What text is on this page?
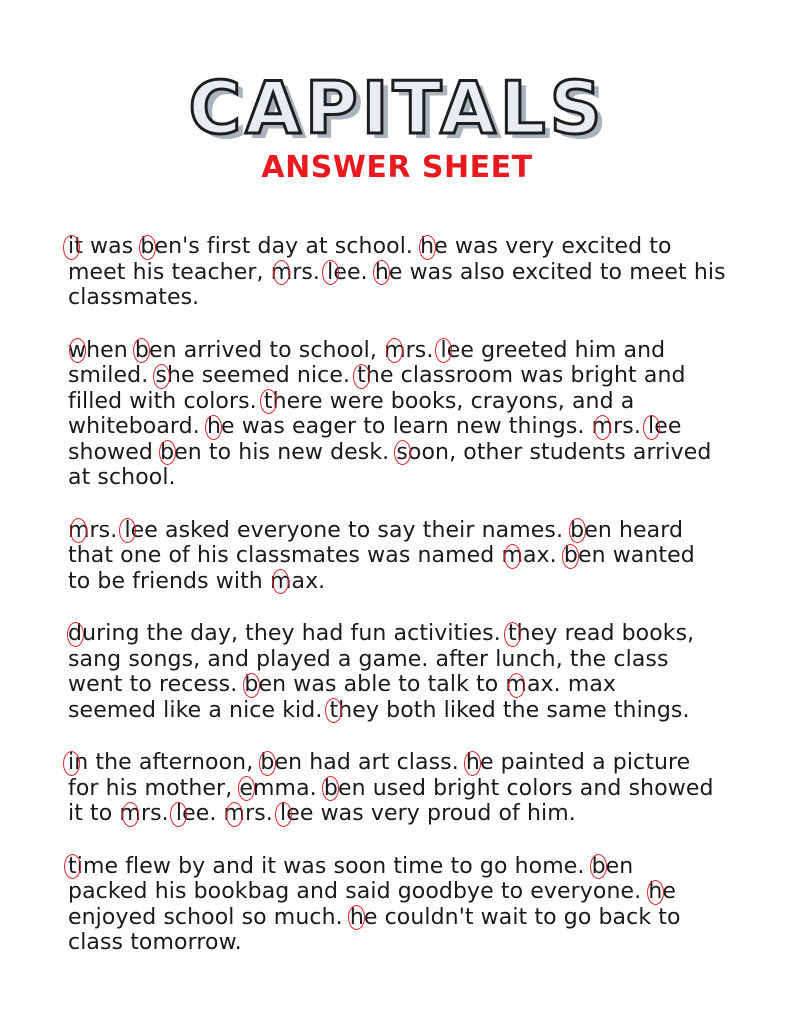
CAPITALS
ANSWER SHEET
it was ben's first day at school. he was very excited to
meet his teacher, mrs. lee. he was also excited to meet his
classmates.
when ben arrived to school, mrs. lee greeted him and
smiled. she seemed nice. the classroom was bright and
filled with colors. there were books, crayons, and a
whiteboard. he was eager to learn new things. mrs. lee
showed ben to his new desk. soon, other students arrived
at school.
mrs. lee asked everyone to say their names. ben heard
that one of his classmates was named max. ben wanted
to be friends with max.
during the day, they had fun activities. they read books,
sang songs, and played a game. after lunch, the class
went to recess. ben was able to talk to max. max
seemed like a nice kid. they both liked the same things.
in the afternoon, ben had art class. he painted a picture
for his mother, emma. ben used bright colors and showed
it to mrs. lee. mrs. lee was very proud of him.
time flew by and it was soon time to go home. ben
packed his bookbag and said goodbye to everyone. he
enjoyed school so much. he couldn't wait to go back to
class tomorrow.
